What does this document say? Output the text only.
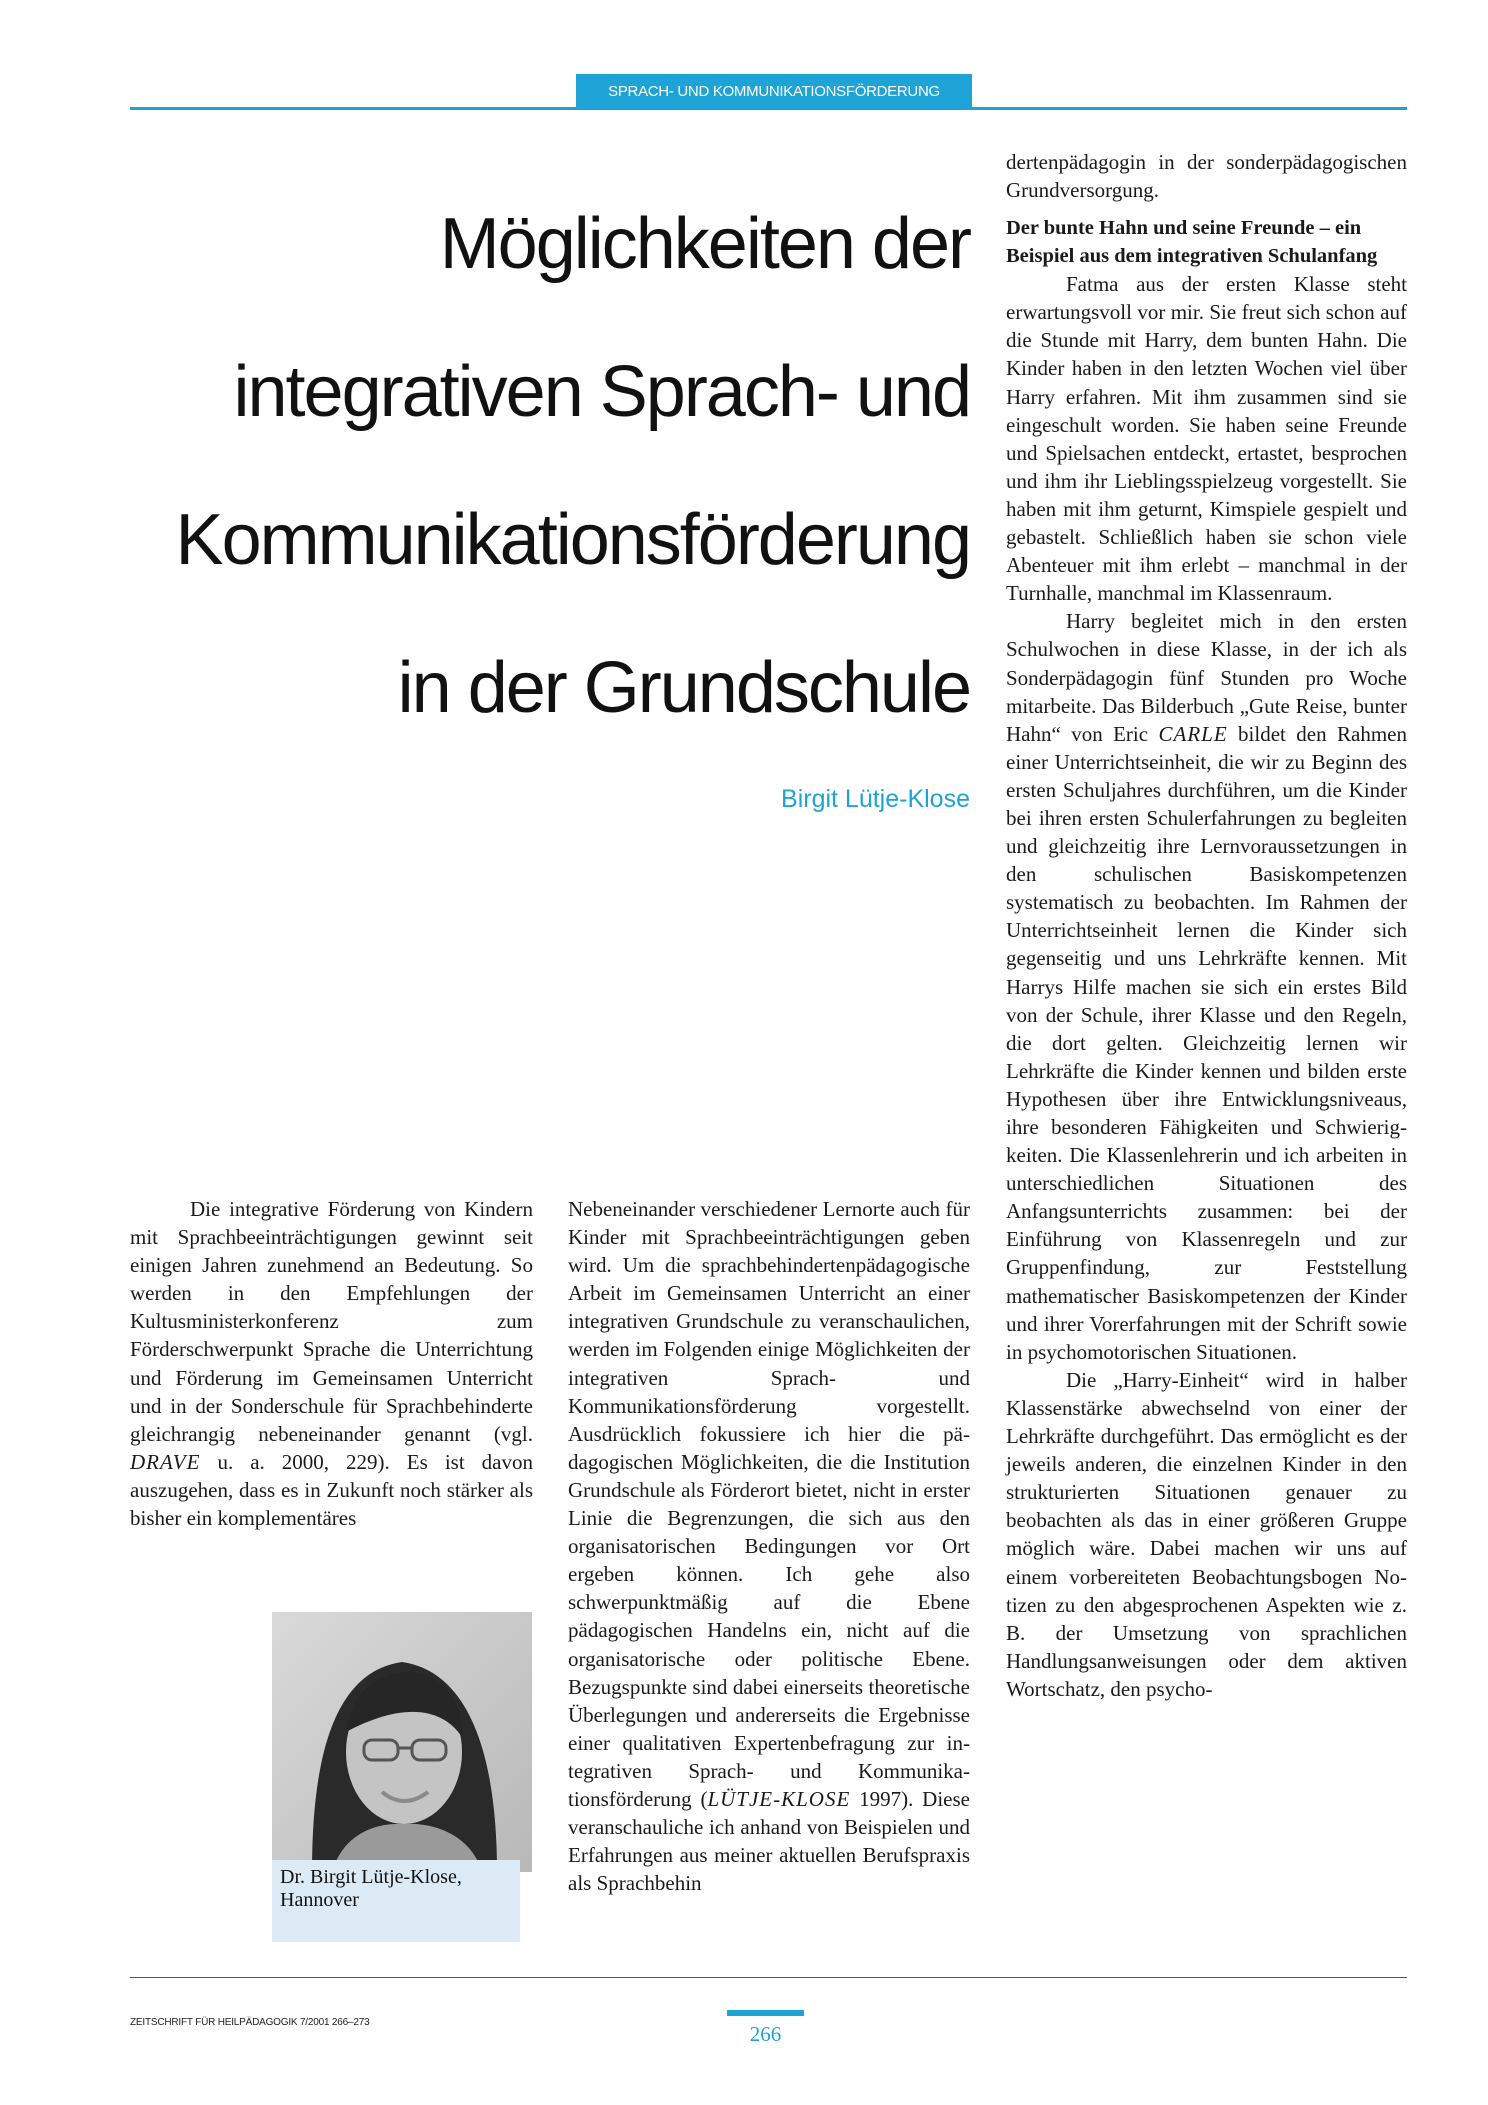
SPRACH- UND KOMMUNIKATIONSFÖRDERUNG
Möglichkeiten der
integrativen Sprach- und
Kommunikationsförderung
in der Grundschule
Birgit Lütje-Klose

Die integrative Förderung von Kindern mit Sprachbeeinträchtigungen gewinnt seit einigen Jahren zunehmend an Bedeutung. So werden in den Empfehlungen der Kultusministerkonferenz zum Förderschwerpunkt Sprache die Unterrichtung und Förderung im Gemeinsamen Unterricht und in der Sonderschule für Sprachbehinderte gleichrangig nebeneinander genannt (vgl. DRAVE u. a. 2000, 229). Es ist davon auszugehen, dass es in Zukunft noch stärker als bisher ein komplementäres

Dr. Birgit Lütje-Klose,
Hannover

Nebeneinander verschiedener Lernorte auch für Kinder mit Sprachbeeinträchtigungen geben wird. Um die sprachbehindertenpädagogische Arbeit im Gemeinsamen Unterricht an einer integrativen Grundschule zu veranschaulichen, werden im Folgenden einige Möglichkeiten der integrativen Sprach- und Kommunikationsförderung vorgestellt. Ausdrücklich fokussiere ich hier die pädagogischen Möglichkeiten, die die Institution Grundschule als Förderort bietet, nicht in erster Linie die Begrenzungen, die sich aus den organisatorischen Bedingungen vor Ort ergeben können. Ich gehe also schwerpunktmäßig auf die Ebene pädagogischen Handelns ein, nicht auf die organisatorische oder politische Ebene. Bezugspunkte sind dabei einerseits theoretische Überlegungen und andererseits die Ergebnisse einer qualitativen Expertenbefragung zur integrativen Sprach- und Kommunikationsförderung (LÜTJE-KLOSE 1997). Diese veranschauliche ich anhand von Beispielen und Erfahrungen aus meiner aktuellen Berufspraxis als Sprachbehin

dertenpädagogin in der sonderpädagogischen Grundversorgung.

Der bunte Hahn und seine Freunde – ein Beispiel aus dem integrativen Schulanfang

Fatma aus der ersten Klasse steht erwartungsvoll vor mir. Sie freut sich schon auf die Stunde mit Harry, dem bunten Hahn. Die Kinder haben in den letzten Wochen viel über Harry erfahren. Mit ihm zusammen sind sie eingeschult worden. Sie haben seine Freunde und Spielsachen entdeckt, ertastet, besprochen und ihm ihr Lieblingsspielzeug vorgestellt. Sie haben mit ihm geturnt, Kimspiele gespielt und gebastelt. Schließlich haben sie schon viele Abenteuer mit ihm erlebt – manchmal in der Turnhalle, manchmal im Klassenraum.

Harry begleitet mich in den ersten Schulwochen in diese Klasse, in der ich als Sonderpädagogin fünf Stunden pro Woche mitarbeite. Das Bilderbuch „Gute Reise, bunter Hahn“ von Eric CARLE bildet den Rahmen einer Unterrichtseinheit, die wir zu Beginn des ersten Schuljahres durchführen, um die Kinder bei ihren ersten Schulerfahrungen zu begleiten und gleichzeitig ihre Lernvoraussetzungen in den schulischen Basiskompetenzen systematisch zu beobachten. Im Rahmen der Unterrichtseinheit lernen die Kinder sich gegenseitig und uns Lehrkräfte kennen. Mit Harrys Hilfe machen sie sich ein erstes Bild von der Schule, ihrer Klasse und den Regeln, die dort gelten. Gleichzeitig lernen wir Lehrkräfte die Kinder kennen und bilden erste Hypothesen über ihre Entwicklungsniveaus, ihre besonderen Fähigkeiten und Schwierigkeiten. Die Klassenlehrerin und ich arbeiten in unterschiedlichen Situationen des Anfangsunterrichts zusammen: bei der Einführung von Klassenregeln und zur Gruppenfindung, zur Feststellung mathematischer Basiskompetenzen der Kinder und ihrer Vorerfahrungen mit der Schrift sowie in psychomotorischen Situationen.

Die „Harry-Einheit“ wird in halber Klassenstärke abwechselnd von einer der Lehrkräfte durchgeführt. Das ermöglicht es der jeweils anderen, die einzelnen Kinder in den strukturierten Situationen genauer zu beobachten als das in einer größeren Gruppe möglich wäre. Dabei machen wir uns auf einem vorbereiteten Beobachtungsbogen Notizen zu den abgesprochenen Aspekten wie z. B. der Umsetzung von sprachlichen Handlungsanweisungen oder dem aktiven Wortschatz, den psycho-

ZEITSCHRIFT FÜR HEILPÄDAGOGIK 7/2001 266–273	266
